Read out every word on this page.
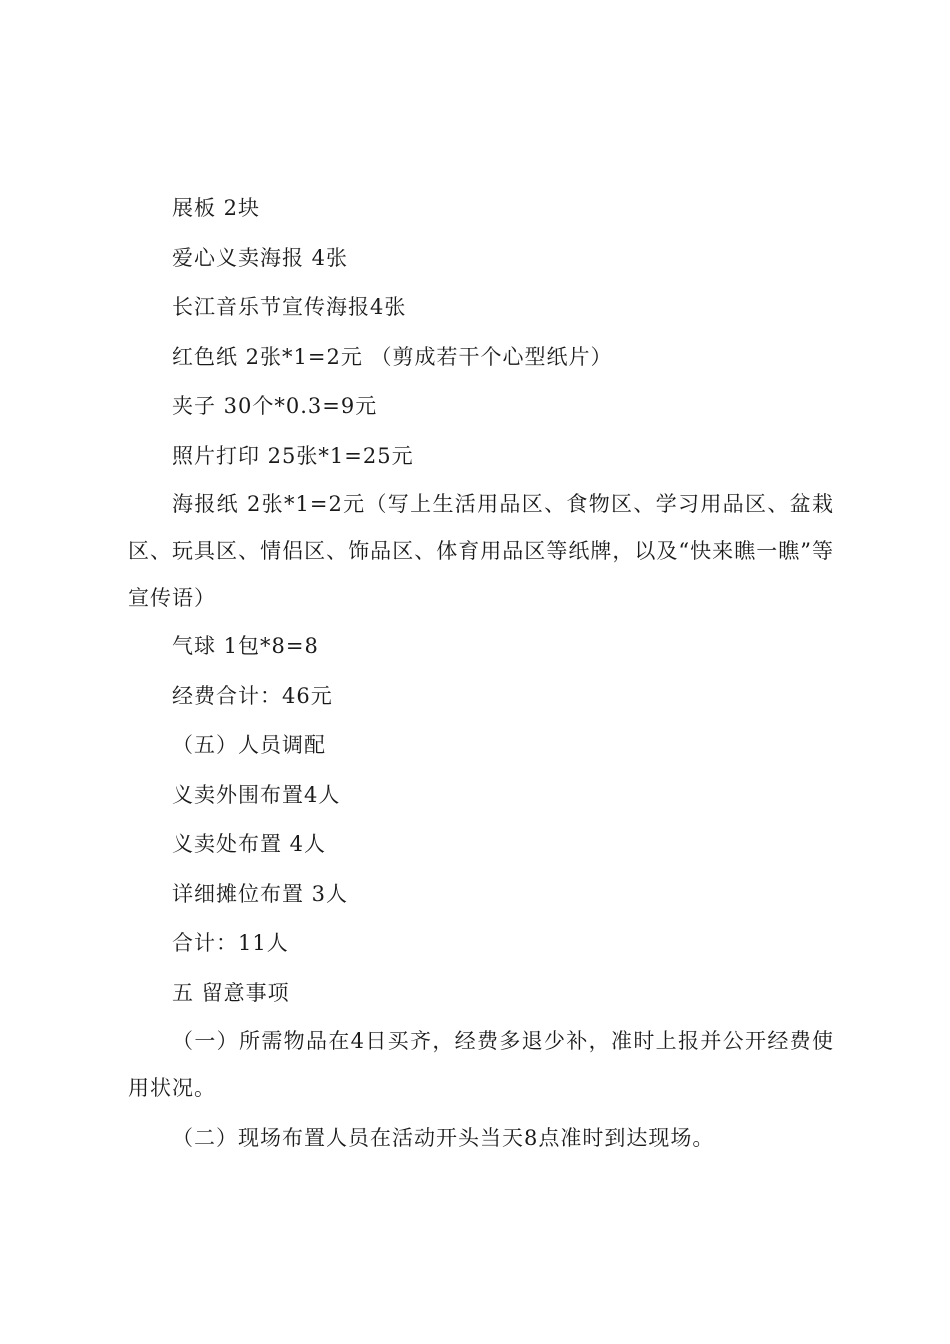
展板 2块

爱心义卖海报 4张

长江音乐节宣传海报4张

红色纸 2张*1=2元 （剪成若干个心型纸片）

夹子 30个*0.3=9元

照片打印 25张*1=25元

海报纸 2张*1=2元（写上生活用品区、食物区、学习用品区、盆栽区、玩具区、情侣区、饰品区、体育用品区等纸牌，以及“快来瞧一瞧”等宣传语）

气球 1包*8=8

经费合计：46元

（五）人员调配

义卖外围布置4人

义卖处布置 4人

详细摊位布置 3人

合计：11人

五 留意事项

（一）所需物品在4日买齐，经费多退少补，准时上报并公开经费使用状况。

（二）现场布置人员在活动开头当天8点准时到达现场。
